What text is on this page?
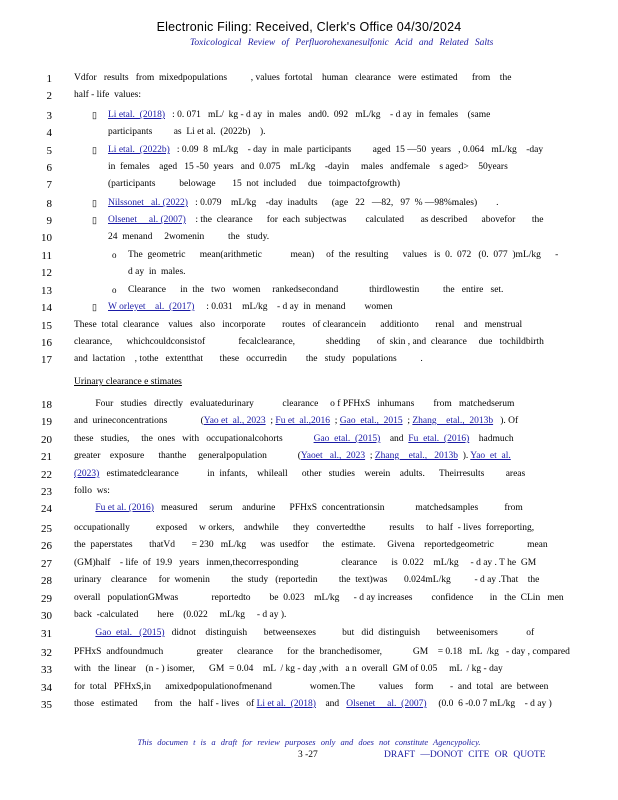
Electronic Filing: Received, Clerk's Office 04/30/2024
Toxicological Review of Perfluorohexanesulfonic Acid and Related Salts
1 Vdfor   results   from  mixedpopulations          , values  fortotal    human   clearance   were  estimated      from    the
2 half - life  values:
3	▯ Li etal.  (2018)   : 0. 071   mL/  kg - d ay  in  males   and0.  092   mL/kg    - d ay  in  females    (same
4	participants         as  Li et al.  (2022b)    ).
5	▯ Li etal.  (2022b)   : 0.09  8  mL/kg    - day  in  male  participants         aged  15 —50  years   , 0.064   mL/kg    -day
6	in  females    aged   15 -50  years   and  0.075    mL/kg    -dayin     males   andfemale    s aged>    50years
7	(participants          belowage       15  not  included     due   toimpactofgrowth)
8	▯ Nilssonet   al. (2022)   : 0.079    mL/kg    -day  inadults      (age   22   —82,   97  % —98%males)        .
9	▯ Olsenet     al. (2007)    : the  clearance      for  each  subjectwas        calculated       as described      abovefor       the
10	24  menand     2womenin          the   study.
11	o The  geometric      mean(arithmetic            mean)     of  the  resulting      values   is  0.  072   (0.  077  )mL/kg      -
12	d ay  in  males.
13	o Clearance      in  the   two   women     rankedsecondand             thirdlowestin          the   entire   set.
14	▯ W orleyet    al.  (2017)     : 0.031    mL/kg    - d ay  in  menand        women
15 These  total  clearance    values   also   incorporate       routes   of clearancein      additionto       renal    and   menstrual
16 clearance,      whichcouldconsistof              fecalclearance,             shedding       of  skin , and  clearance     due   tochildbirth
17 and  lactation    , tothe   extentthat       these   occurredin        the   study   populations          .
18 Four   studies   directly   evaluatedurinary            clearance     o f PFHxS   inhumans        from   matchedserum
19 and  urineconcentrations              (Yao et  al., 2023  ; Fu et  al.,2016  ; Gao  etal.,  2015  ; Zhang    etal.,  2013b   ). Of
20 these   studies,     the  ones   with   occupationalcohorts             Gao  etal.  (2015)    and  Fu  etal.  (2016)    hadmuch
21 greater    exposure      thanthe     generalpopulation             (Yaoet   al.,  2023  ; Zhang    etal.,   2013b  ). Yao  et  al.
22 (2023)   estimatedclearance            in  infants,    whileall      other   studies    werein    adults.      Theirresults         areas
23 follo  ws:
24	Fu et al. (2016)   measured     serum    andurine      PFHxS  concentrationsin             matchedsamples           from
25 occupationally           exposed     w orkers,    andwhile      they   convertedthe          results     to  half  - lives  forreporting,
26 the  paperstates       thatVd       = 230   mL/kg      was  usedfor      the   estimate.     Givena    reportedgeometric              mean
27 (GM)half    - life  of  19.9   years   inmen,thecorresponding                  clearance      is  0.022    mL/kg     - d ay . T he  GM
28 urinary    clearance     for  womenin         the  study   (reportedin         the  text)was       0.024mL/kg          - d ay .That    the
29 overall   populationGMwas              reportedto        be  0.023    mL/kg      - d ay increases        confidence       in   the  CLin   men
30 back  -calculated        here    (0.022     mL/kg     - d ay ).
31	Gao  etal.   (2015)   didnot    distinguish       betweensexes           but   did  distinguish       betweenisomers            of
32 PFHxS  andfoundmuch              greater      clearance      for  the  branchedisomer,             GM    = 0.18   mL  /kg   - day , compared
33 with   the  linear    (n - ) isomer,      GM  = 0.04    mL  / kg - day ,with   a n  overall  GM of 0.05     mL  / kg - day
34 for  total   PFHxS,in      amixedpopulationofmenand                women.The          values     form       -  and  total   are  between
35 those   estimated       from   the   half - lives   of Li et al.  (2018)    and   Olsenet     al.  (2007)     (0.0  6 -0.0 7 mL/kg    - d ay )
Urinary clearance e stimates
This documen t is a draft for review purposes only and does not constitute Agencypolicy.
3 -27	DRAFT —DONOT CITE OR QUOTE
